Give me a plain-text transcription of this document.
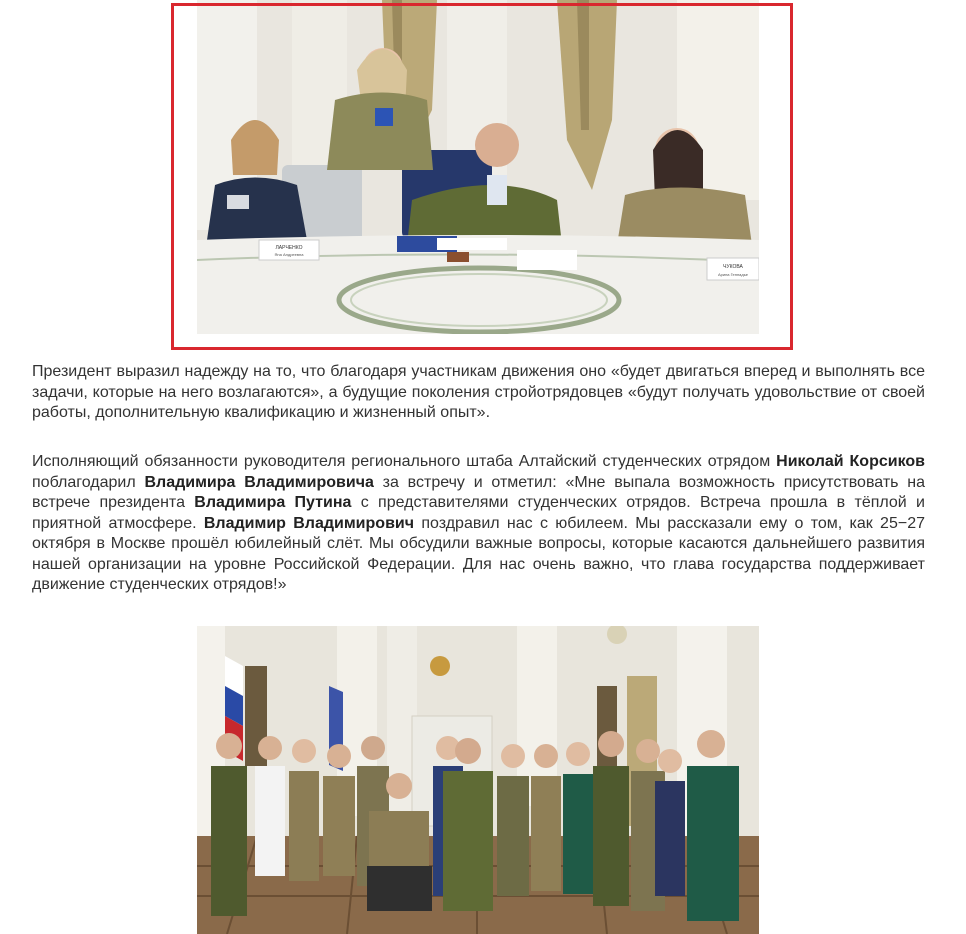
ЛАРЧЕНКО
Яна Андреевна
ЧУКОВА
Арина Геннадье

Президент выразил надежду на то, что благодаря участникам движения оно «будет двигаться вперед и выполнять все задачи, которые на него возлагаются», а будущие поколения стройотрядовцев «будут получать удовольствие от своей работы, дополнительную квалификацию и жизненный опыт».

Исполняющий обязанности руководителя регионального штаба Алтайский студенческих отрядом Николай Корсиков поблагодарил Владимира Владимировича за встречу и отметил: «Мне выпала возможность присутствовать на встрече президента Владимира Путина с представителями студенческих отрядов. Встреча прошла в тёплой и приятной атмосфере. Владимир Владимирович поздравил нас с юбилеем. Мы рассказали ему о том, как 25−27 октября в Москве прошёл юбилейный слёт. Мы обсудили важные вопросы, которые касаются дальнейшего развития нашей организации на уровне Российской Федерации. Для нас очень важно, что глава государства поддерживает движение студенческих отрядов!»
